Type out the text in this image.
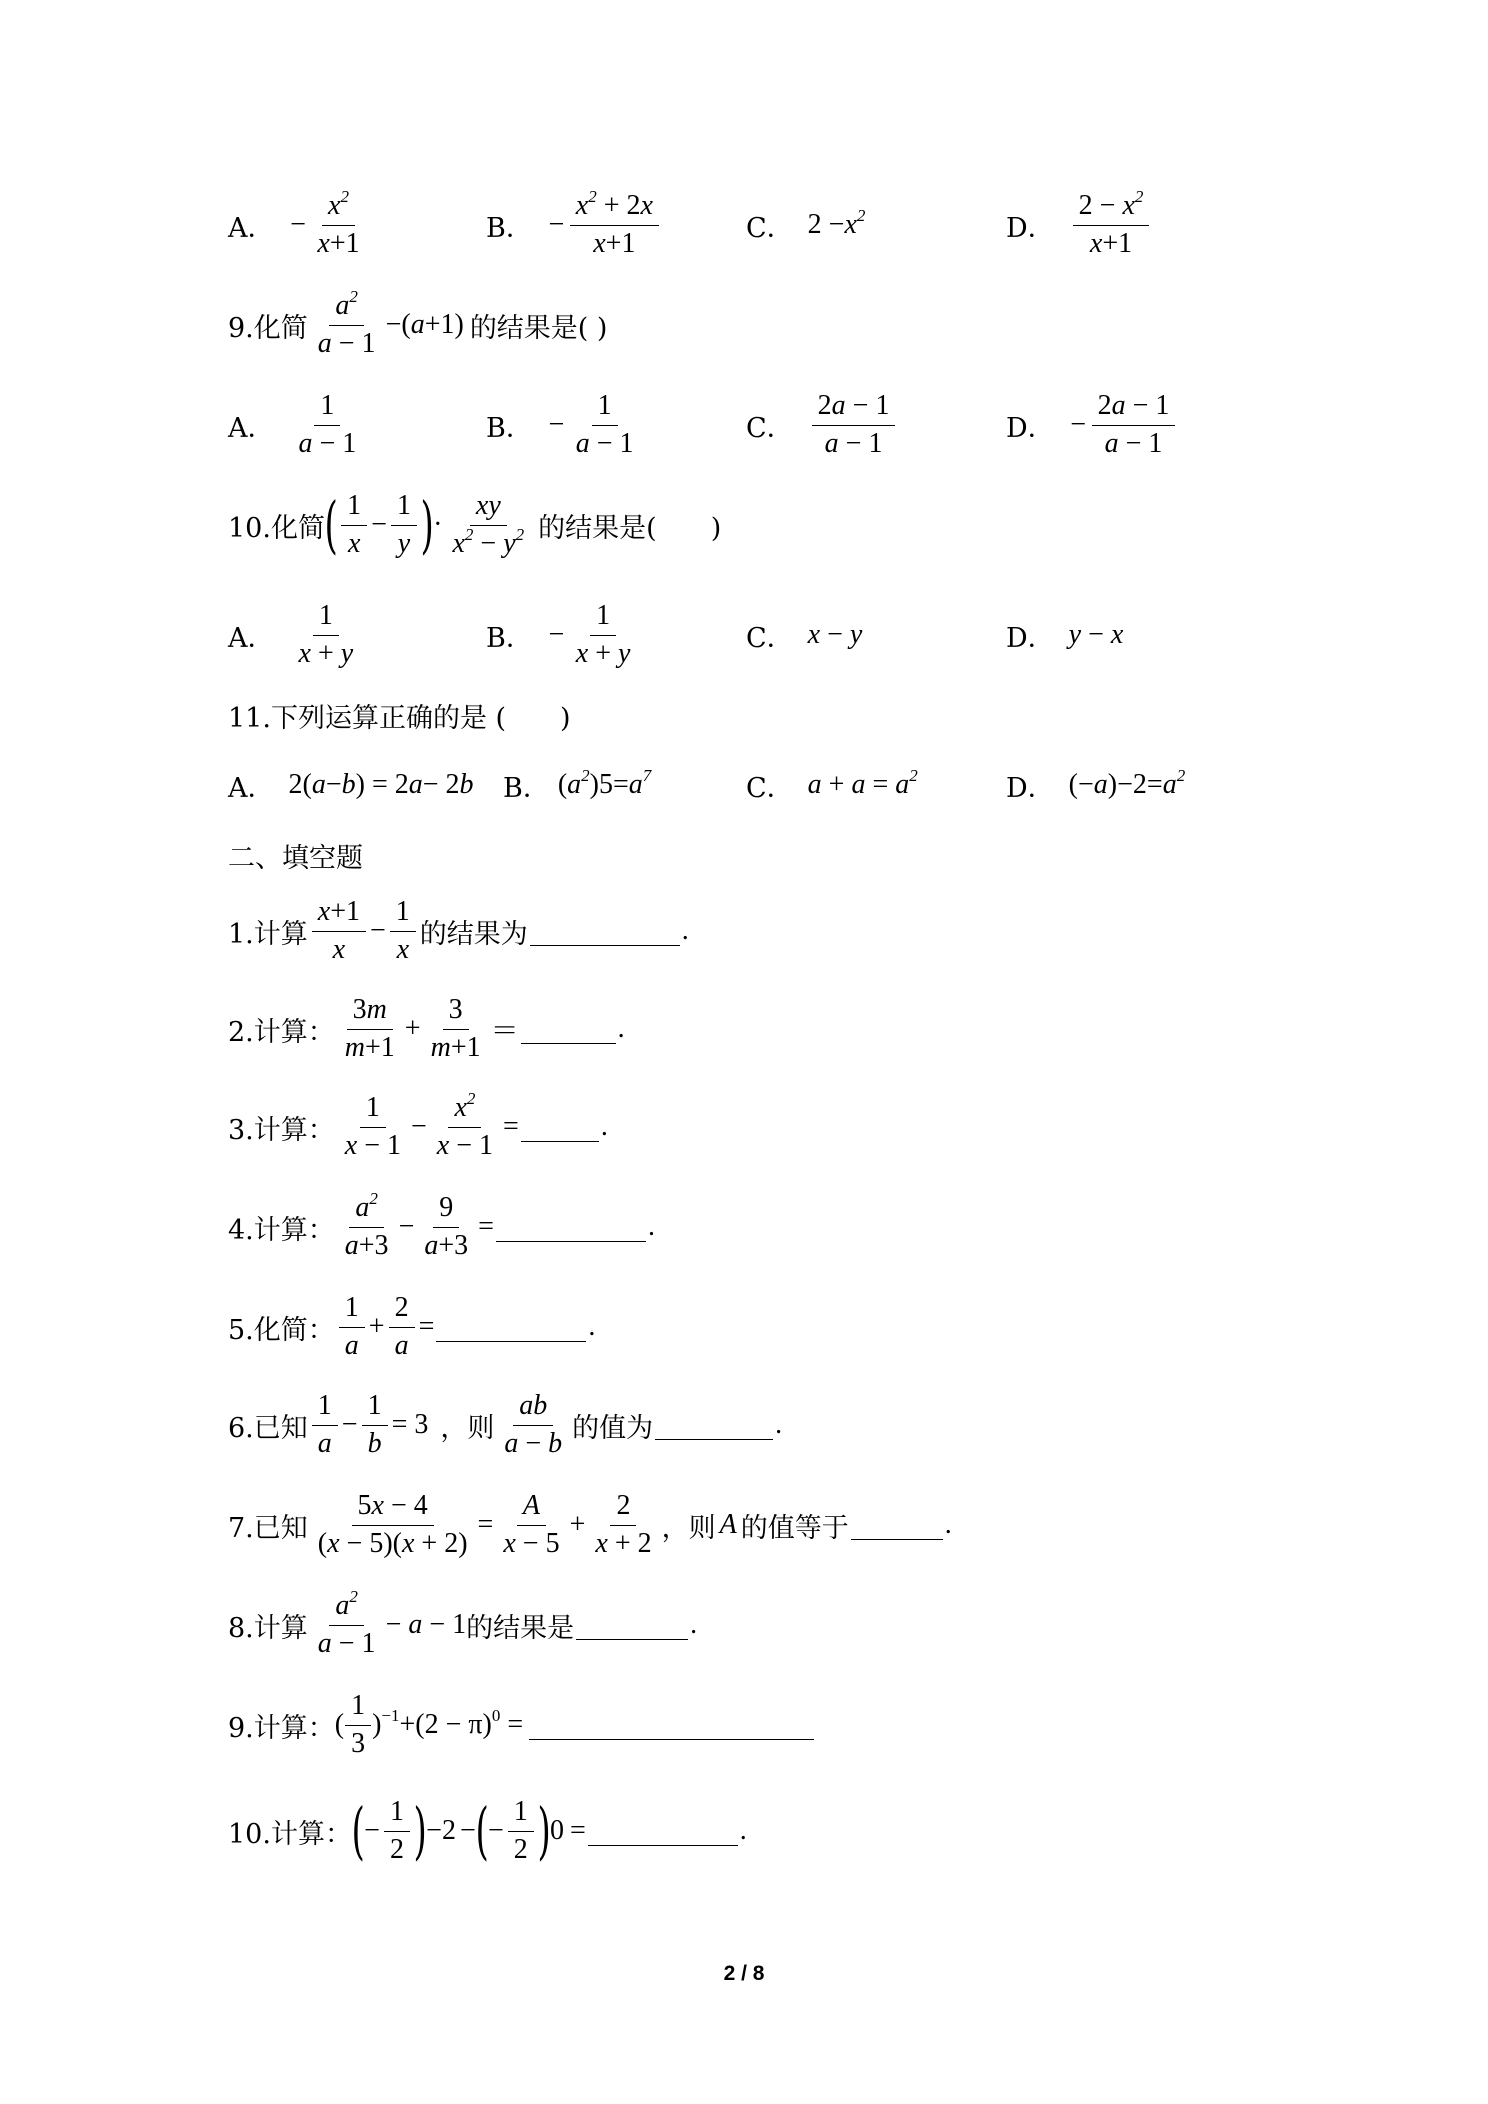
A． − $\frac{x^2}{x+1}$	B． − $\frac{x^2 + 2x}{x+1}$	C． $2 - x^2$	D． $\frac{2 - x^2}{x+1}$
9.化简 $\frac{a^2}{a - 1}$ −( a +1) 的结果是( )
A． $\frac{1}{a - 1}$	B． − $\frac{1}{a - 1}$	C． $\frac{2a - 1}{a - 1}$	D． − $\frac{2a - 1}{a - 1}$
10.化简 ( $\frac{1}{x} - \frac{1}{y}$ ) · $\frac{xy}{x^2 - y^2}$ 的结果是(　　)
A． $\frac{1}{x + y}$	B． − $\frac{1}{x + y}$	C． x − y	D． y − x
11.下列运算正确的是 (　　)
A． 2( a − b ) = 2 a − 2 b B． ( $a^2$ ) $5 = a^7$	C． $a + a = a^2$	D． (− a ) $-2 = a^2$
二、填空题
1.计算 $\frac{x+1}{x} - \frac{1}{x}$ 的结果为	.
2.计算： $\frac{3m}{m+1} + \frac{3}{m+1}$ ＝	.
3.计算： $\frac{1}{x - 1} - \frac{x^2}{x - 1}$ =	.
4.计算： $\frac{a^2}{a+3} - \frac{9}{a+3}$ =	.
5.化简： $\frac{1}{a} + \frac{2}{a}$ =	.
6.已知 $\frac{1}{a} - \frac{1}{b} = 3$ ，则 $\frac{ab}{a - b}$ 的值为	.
7.已知 $\frac{5x - 4}{(x - 5)(x + 2)} = \frac{A}{x - 5} + \frac{2}{x + 2}$ ，则 A 的值等于	.
8.计算 $\frac{a^2}{a - 1} - a - 1$ 的结果是	.
9.计算： ( $\frac{1}{3} )^{-1}+(2 - \pi)^0$ =
10.计算： ( − $\frac{1}{2}$ ) −2 − ( − $\frac{1}{2}$ ) 0 =	.
2 / 8
